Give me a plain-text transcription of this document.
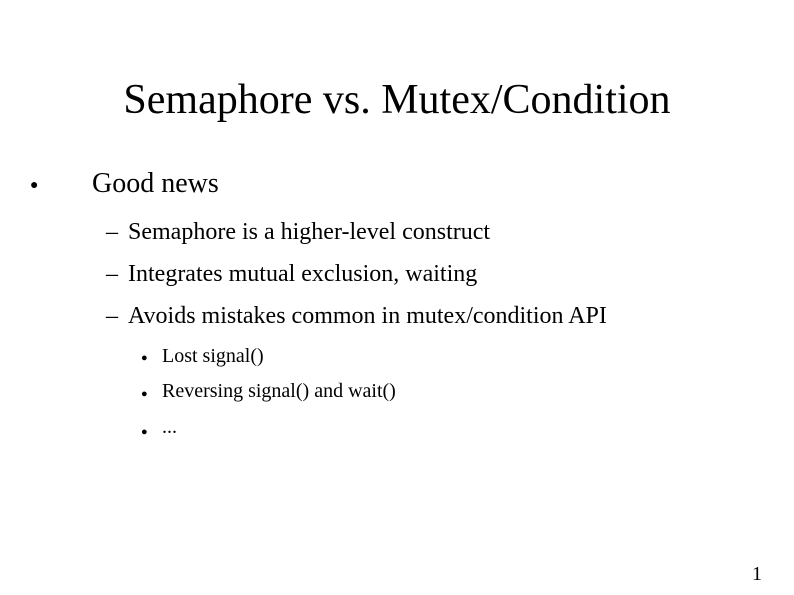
Semaphore vs. Mutex/Condition
● Good news
– Semaphore is a higher-level construct
– Integrates mutual exclusion, waiting
– Avoids mistakes common in mutex/condition API
● Lost signal()
● Reversing signal() and wait()
● ...
1
